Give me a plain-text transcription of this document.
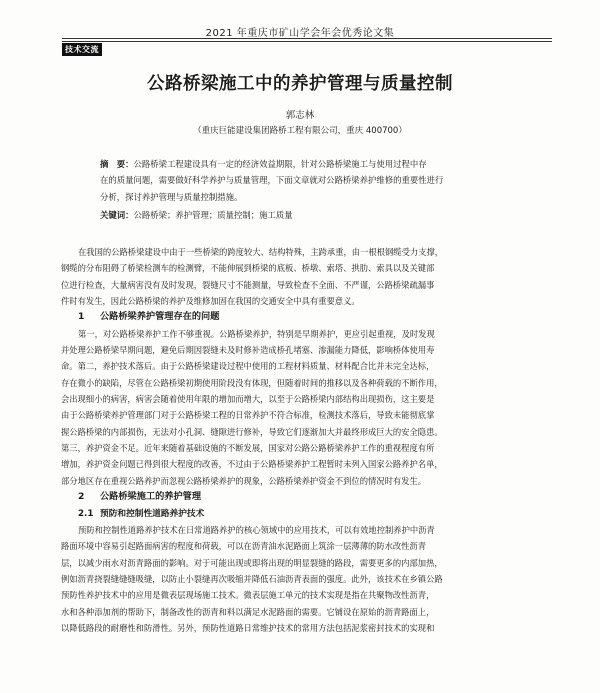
2021 年重庆市矿山学会年会优秀论文集
技术交流
公路桥梁施工中的养护管理与质量控制
郭志林
（重庆巨能建设集团路桥工程有限公司，重庆 400700）
摘　要：公路桥梁工程建设具有一定的经济效益期限，针对公路桥梁施工与使用过程中存
在的质量问题，需要做好科学养护与质量管理，下面文章就对公路桥梁养护维修的重要性进行
分析，探讨养护管理与质量控制措施。
关键词：公路桥梁；养护管理；质量控制；施工质量
在我国的公路桥梁建设中由于一些桥梁的跨度较大、结构特殊，主跨承重，由一根根钢缆受力支撑，
钢缆的分布阻碍了桥梁检测车的检测臂，不能伸展到桥梁的底板、桥墩、索塔、拱肋、索具以及关键部
位进行检查，大量病害没有及时发现，裂缝尺寸不能测量，导致检查不全面、不严谨，公路桥梁疏漏事
件时有发生，因此公路桥梁的养护及维修加固在我国的交通安全中具有重要意义。
1 公路桥梁养护管理存在的问题
第一，对公路桥梁养护工作不够重视。公路桥梁养护，特别是早期养护，更应引起重视，及时发现
并处理公路桥梁早期问题，避免后期因裂缝未及时修补造成桥孔堵塞、渗漏能力降低，影响桥体使用寿
命。第二，养护技术落后。由于公路桥梁建设过程中使用的工程材料质量、材料配合比并未完全达标，
存在微小的缺陷，尽管在公路桥梁初期使用阶段没有体现，但随着时间的推移以及各种荷载的不断作用，
会出现细小的病害，病害会随着使用年限的增加而增大，以至于公路桥梁内部结构出现损伤，这主要是
由于公路桥梁养护管理部门对于公路桥梁工程的日常养护不符合标准，检测技术落后，导致未能彻底掌
握公路桥梁的内部损伤，无法对小孔洞、缝隙进行修补，导致它们逐渐加大并最终形成巨大的安全隐患。
第三，养护资金不足。近年来随着基础设施的不断发展，国家对公路公路桥梁养护工作的重视程度有所
增加，养护资金问题已得到很大程度的改善，不过由于公路桥梁养护工程暂时未列入国家公路养护名单，
部分地区存在重视公路养护而忽视公路桥梁养护的现象，公路桥梁养护资金不到位的情况时有发生。
2 公路桥梁施工的养护管理
2.1 预防和控制性道路养护技术
预防和控制性道路养护技术在日常道路养护的核心领域中的应用技术，可以有效地控制养护中沥青
路面环境中容易引起路面病害的程度和荷载，可以在沥青油水泥路面上筑涂一层薄薄的防水改性沥青
层，以减少雨水对沥青路面的影响。对于可能出现或即将出现的明显裂缝的路段，需要更多的内部加热，
例如沥青挠裂缝缝缝吸缝，以防止小裂缝再次吸缩并降低石油沥青表面的强度。此外，该技术在乡镇公路
预防性养护技术中的应用是微表层现场施工技术。微表层施工单元的技术实现是指在共聚物改性沥青，
水和各种添加剂的帮助下，制备改性的沥青和料以满足水泥路面的需要。它铺设在原始的沥青路面上，
以降低路段的耐磨性和防滑性。另外，预防性道路日常维护技术的常用方法包括泥浆密封技术的实现和
